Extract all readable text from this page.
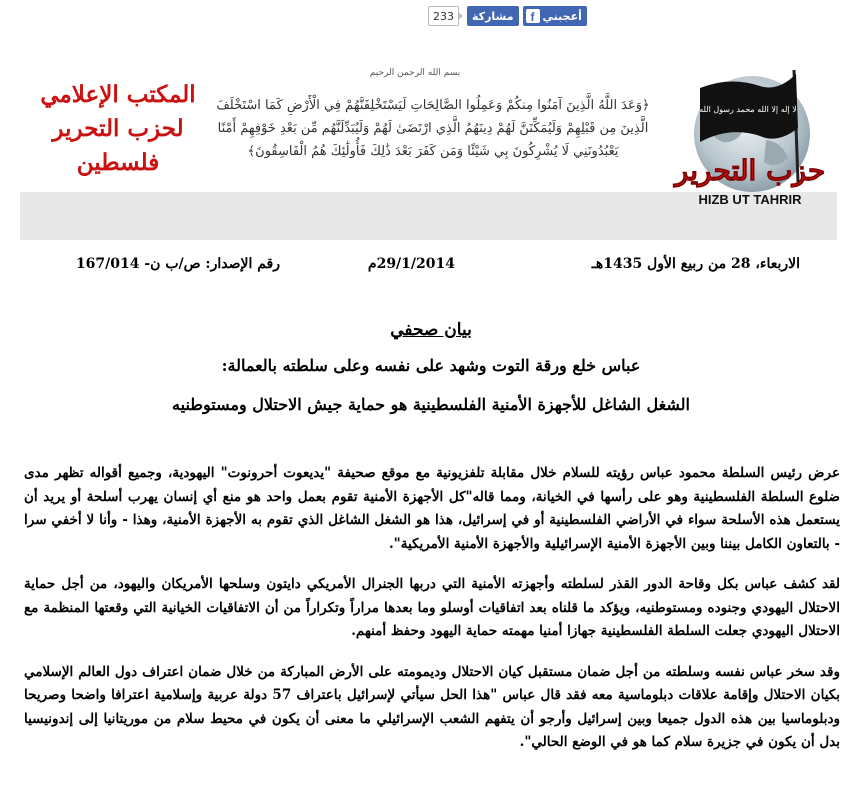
233	مشاركة	f أعجبني
المكتب الإعلامي
لحزب التحرير
فلسطين
بسم الله الرحمن الرحيم
﴿وَعَدَ اللَّهُ الَّذِينَ آمَنُوا مِنكُمْ وَعَمِلُوا الصَّالِحَاتِ لَيَسْتَخْلِفَنَّهُمْ فِي الْأَرْضِ كَمَا اسْتَخْلَفَ
الَّذِينَ مِن قَبْلِهِمْ وَلَيُمَكِّنَنَّ لَهُمْ دِينَهُمُ الَّذِي ارْتَضَىٰ لَهُمْ وَلَيُبَدِّلَنَّهُم مِّن بَعْدِ خَوْفِهِمْ أَمْنًا
يَعْبُدُونَنِي لَا يُشْرِكُونَ بِي شَيْئًا وَمَن كَفَرَ بَعْدَ ذَٰلِكَ فَأُولَٰئِكَ هُمُ الْفَاسِقُونَ﴾
لا إله إلا الله محمد رسول الله
حزب التحرير
HIZB UT TAHRIR
الاربعاء، 28 من ربيع الأول 1435هـ
29/1/2014م
رقم الإصدار: ص/ب ن- 167/014
بيان صحفي
عباس خلع ورقة التوت وشهد على نفسه وعلى سلطته بالعمالة:
الشغل الشاغل للأجهزة الأمنية الفلسطينية هو حماية جيش الاحتلال ومستوطنيه

عرض رئيس السلطة محمود عباس رؤيته للسلام خلال مقابلة تلفزيونية مع موقع صحيفة "يديعوت أحرونوت" اليهودية، وجميع أقواله تظهر مدى ضلوع السلطة الفلسطينية وهو على رأسها في الخيانة، ومما قاله"كل الأجهزة الأمنية تقوم بعمل واحد هو منع أي إنسان يهرب أسلحة أو يريد أن يستعمل هذه الأسلحة سواء في الأراضي الفلسطينية أو في إسرائيل، هذا هو الشغل الشاغل الذي تقوم به الأجهزة الأمنية، وهذا - وأنا لا أخفي سرا - بالتعاون الكامل بيننا وبين الأجهزة الأمنية الإسرائيلية والأجهزة الأمنية الأمريكية".

لقد كشف عباس بكل وقاحة الدور القذر لسلطته وأجهزته الأمنية التي دربها الجنرال الأمريكي دايتون وسلحها الأمريكان واليهود، من أجل حماية الاحتلال اليهودي وجنوده ومستوطنيه، ويؤكد ما قلناه بعد اتفاقيات أوسلو وما بعدها مراراً وتكراراً من أن الاتفاقيات الخيانية التي وقعتها المنظمة مع الاحتلال اليهودي جعلت السلطة الفلسطينية جهازا أمنيا مهمته حماية اليهود وحفظ أمنهم.

وقد سخر عباس نفسه وسلطته من أجل ضمان مستقبل كيان الاحتلال وديمومته على الأرض المباركة من خلال ضمان اعتراف دول العالم الإسلامي بكيان الاحتلال وإقامة علاقات دبلوماسية معه فقد قال عباس "هذا الحل سيأتي لإسرائيل باعتراف 57 دولة عربية وإسلامية اعترافا واضحا وصريحا ودبلوماسيا بين هذه الدول جميعا وبين إسرائيل وأرجو أن يتفهم الشعب الإسرائيلي ما معنى أن يكون في محيط سلام من موريتانيا إلى إندونيسيا بدل أن يكون في جزيرة سلام كما هو في الوضع الحالي".
